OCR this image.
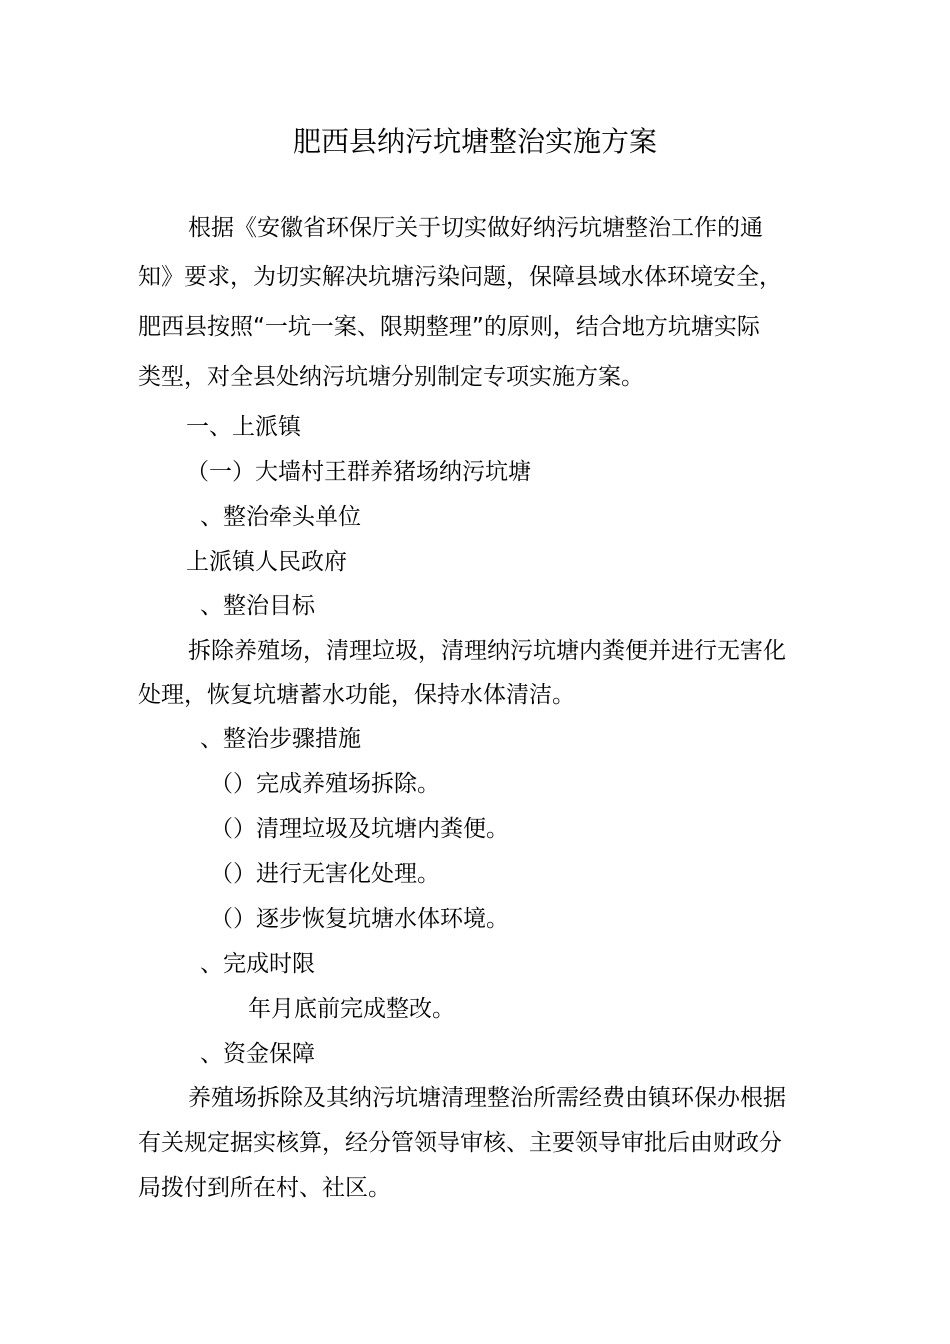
肥西县纳污坑塘整治实施方案
根据《安徽省环保厅关于切实做好纳污坑塘整治工作的通
知》要求，为切实解决坑塘污染问题，保障县域水体环境安全，
肥西县按照“一坑一案、限期整理”的原则，结合地方坑塘实际
类型，对全县处纳污坑塘分别制定专项实施方案。
一、上派镇
（一）大墙村王群养猪场纳污坑塘
、整治牵头单位
上派镇人民政府
、整治目标
拆除养殖场，清理垃圾，清理纳污坑塘内粪便并进行无害化
处理，恢复坑塘蓄水功能，保持水体清洁。
、整治步骤措施
（）完成养殖场拆除。
（）清理垃圾及坑塘内粪便。
（）进行无害化处理。
（）逐步恢复坑塘水体环境。
、完成时限
年月底前完成整改。
、资金保障
养殖场拆除及其纳污坑塘清理整治所需经费由镇环保办根据
有关规定据实核算，经分管领导审核、主要领导审批后由财政分
局拨付到所在村、社区。
